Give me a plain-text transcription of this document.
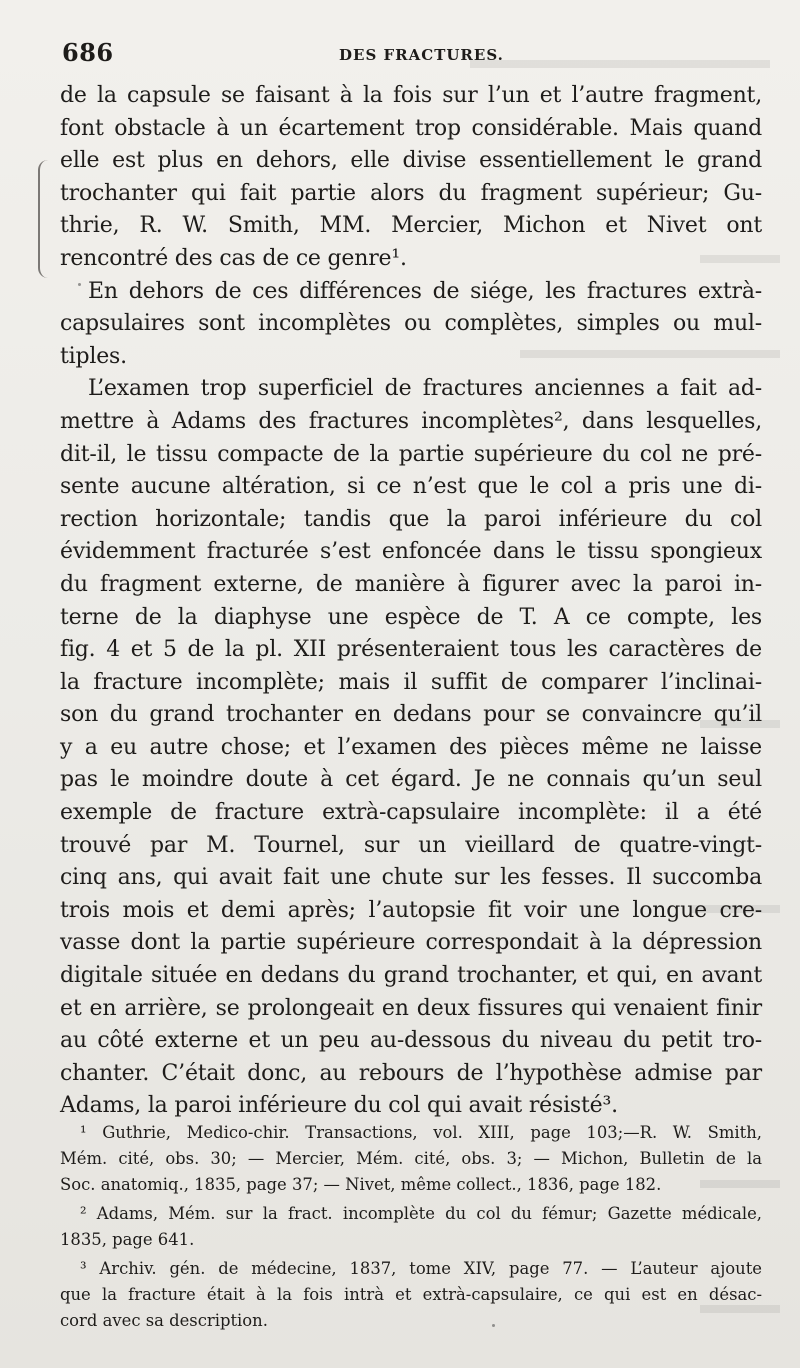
686	DES FRACTURES.
de la capsule se faisant à la fois sur l’un et l’autre fragment,
font obstacle à un écartement trop considérable. Mais quand
elle est plus en dehors, elle divise essentiellement le grand
trochanter qui fait partie alors du fragment supérieur; Gu-
thrie, R. W. Smith, MM. Mercier, Michon et Nivet ont
rencontré des cas de ce genre¹.
En dehors de ces différences de siége, les fractures extrà-
capsulaires sont incomplètes ou complètes, simples ou mul-
tiples.
L’examen trop superficiel de fractures anciennes a fait ad-
mettre à Adams des fractures incomplètes², dans lesquelles,
dit-il, le tissu compacte de la partie supérieure du col ne pré-
sente aucune altération, si ce n’est que le col a pris une di-
rection horizontale; tandis que la paroi inférieure du col
évidemment fracturée s’est enfoncée dans le tissu spongieux
du fragment externe, de manière à figurer avec la paroi in-
terne de la diaphyse une espèce de T. A ce compte, les
fig. 4 et 5 de la pl. XII présenteraient tous les caractères de
la fracture incomplète; mais il suffit de comparer l’inclinai-
son du grand trochanter en dedans pour se convaincre qu’il
y a eu autre chose; et l’examen des pièces même ne laisse
pas le moindre doute à cet égard. Je ne connais qu’un seul
exemple de fracture extrà-capsulaire incomplète: il a été
trouvé par M. Tournel, sur un vieillard de quatre-vingt-
cinq ans, qui avait fait une chute sur les fesses. Il succomba
trois mois et demi après; l’autopsie fit voir une longue cre-
vasse dont la partie supérieure correspondait à la dépression
digitale située en dedans du grand trochanter, et qui, en avant
et en arrière, se prolongeait en deux fissures qui venaient finir
au côté externe et un peu au-dessous du niveau du petit tro-
chanter. C’était donc, au rebours de l’hypothèse admise par
Adams, la paroi inférieure du col qui avait résisté³.
¹ Guthrie, Medico-chir. Transactions, vol. XIII, page 103;—R. W. Smith,
Mém. cité, obs. 30; — Mercier, Mém. cité, obs. 3; — Michon, Bulletin de la
Soc. anatomiq., 1835, page 37; — Nivet, même collect., 1836, page 182.
² Adams, Mém. sur la fract. incomplète du col du fémur; Gazette médicale,
1835, page 641.
³ Archiv. gén. de médecine, 1837, tome XIV, page 77. — L’auteur ajoute
que la fracture était à la fois intrà et extrà-capsulaire, ce qui est en désac-
cord avec sa description.
